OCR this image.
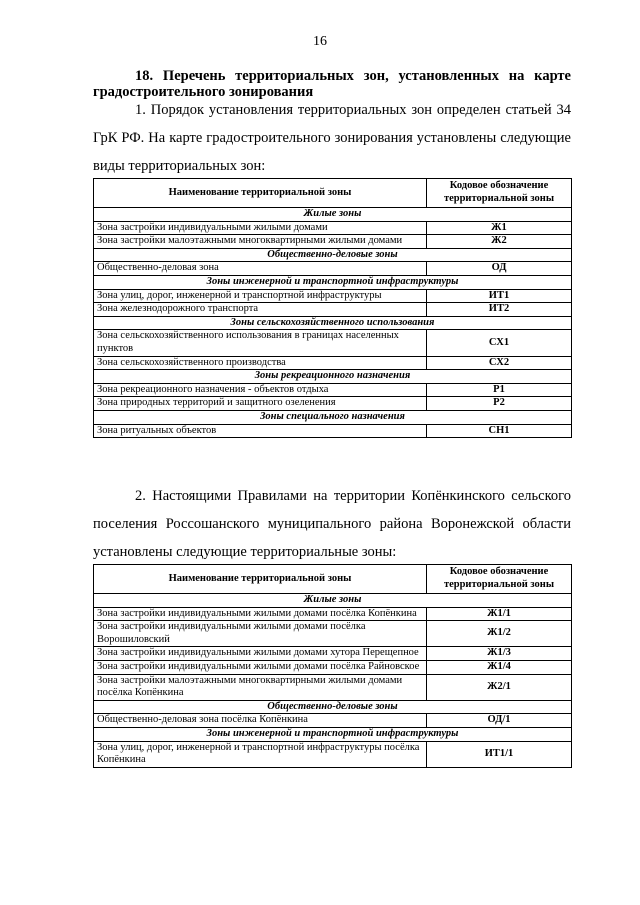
16
18. Перечень территориальных зон, установленных на карте
градостроительного зонирования
1. Порядок установления территориальных зон определен статьей 34
ГрК РФ. На карте градостроительного зонирования установлены следующие
виды территориальных зон:
Наименование территориальной зоны	Кодовое обозначение территориальной зоны
Жилые зоны	
Зона застройки индивидуальными жилыми домами	Ж1
Зона застройки малоэтажными многоквартирными жилыми домами	Ж2
Общественно-деловые зоны	
Общественно-деловая зона	ОД
Зоны инженерной и транспортной инфраструктуры	
Зона улиц, дорог, инженерной и транспортной инфраструктуры	ИТ1
Зона железнодорожного транспорта	ИТ2
Зоны сельскохозяйственного использования	
Зона сельскохозяйственного использования в границах населенных пунктов	СХ1
Зона сельскохозяйственного производства	СХ2
Зоны рекреационного назначения	
Зона рекреационного назначения - объектов отдыха	Р1
Зона природных территорий и защитного озеленения	Р2
Зоны специального назначения	
Зона ритуальных объектов	СН1
2. Настоящими Правилами на территории Копёнкинского сельского
поселения Россошанского муниципального района Воронежской области
установлены следующие территориальные зоны:
Наименование территориальной зоны	Кодовое обозначение территориальной зоны
Жилые зоны	
Зона застройки индивидуальными жилыми домами посёлка Копёнкина	Ж1/1
Зона застройки индивидуальными жилыми домами посёлка Ворошиловский	Ж1/2
Зона застройки индивидуальными жилыми домами хутора Перещепное	Ж1/3
Зона застройки индивидуальными жилыми домами посёлка Райновское	Ж1/4
Зона застройки малоэтажными многоквартирными жилыми домами посёлка Копёнкина	Ж2/1
Общественно-деловые зоны	
Общественно-деловая зона посёлка Копёнкина	ОД/1
Зоны инженерной и транспортной инфраструктуры	
Зона улиц, дорог, инженерной и транспортной инфраструктуры посёлка Копёнкина	ИТ1/1
